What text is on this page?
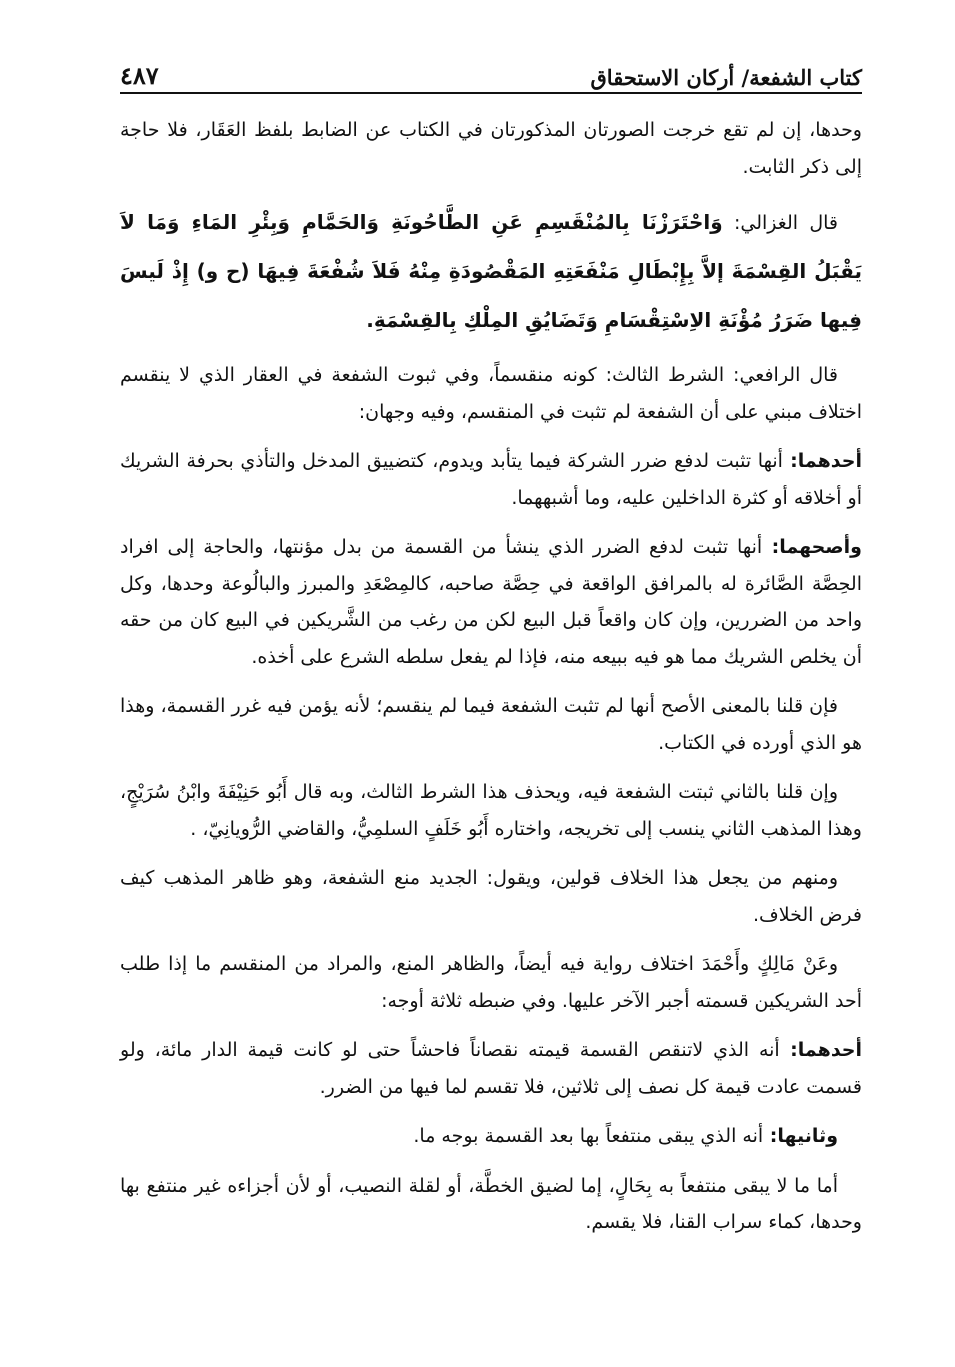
كتاب الشفعة/ أركان الاستحقاق
٤٨٧

وحدها، إن لم تقع خرجت الصورتان المذكورتان في الكتاب عن الضابط بلفظ العَقَار، فلا حاجة إلى ذكر الثابت.

قال الغزالي: وَاحْتَرَزْنَا بِالمُنْقَسِمِ عَنِ الطَّاحُونَةِ وَالحَمَّامِ وَبِئْرِ المَاءِ وَمَا لاَ يَقْبَلُ القِسْمَةَ إلاَّ بِإِبْطَالِ مَنْفَعَتِهِ المَقْصُودَةِ مِنْهُ فَلاَ شُفْعَةَ فِيهَا (ح و) إِذْ لَيسَ فِيها ضَرَرُ مُؤْنَةِ الاِسْتِقْسَامِ وَتَضَايُقِ المِلْكِ بِالقِسْمَةِ.

قال الرافعي: الشرط الثالث: كونه منقسماً، وفي ثبوت الشفعة في العقار الذي لا ينقسم اختلاف مبني على أن الشفعة لم تثبت في المنقسم، وفيه وجهان:

أحدهما: أنها تثبت لدفع ضرر الشركة فيما يتأبد ويدوم، كتضييق المدخل والتأذي بحرفة الشريك أو أخلاقه أو كثرة الداخلين عليه، وما أشبههما.

وأصحهما: أنها تثبت لدفع الضرر الذي ينشأ من القسمة من بدل مؤنتها، والحاجة إلى افراد الحِصَّة الصَّائرة له بالمرافق الواقعة في حِصَّة صاحبه، كالمِصْعَدِ والمبرز والبالُوعة وحدها، وكل واحد من الضررين، وإن كان واقعاً قبل البيع لكن من رغب من الشَّريكين في البيع كان من حقه أن يخلص الشريك مما هو فيه ببيعه منه، فإذا لم يفعل سلطه الشرع على أخذه.

فإن قلنا بالمعنى الأصح أنها لم تثبت الشفعة فيما لم ينقسم؛ لأنه يؤمن فيه غرر القسمة، وهذا هو الذي أورده في الكتاب.

وإن قلنا بالثاني ثبتت الشفعة فيه، ويحذف هذا الشرط الثالث، وبه قال أَبُو حَنِيْفَةَ وابْنُ سُرَيْجٍ، وهذا المذهب الثاني ينسب إلى تخريجه، واختاره أَبُو خَلَفٍ السلمِيُّ، والقاضي الرُّويانِيّ، .

ومنهم من يجعل هذا الخلاف قولين، ويقول: الجديد منع الشفعة، وهو ظاهر المذهب كيف فرض الخلاف.

وعَنْ مَالِكٍ وأَحْمَدَ اختلاف رواية فيه أيضاً، والظاهر المنع، والمراد من المنقسم ما إذا طلب أحد الشريكين قسمته أجبر الآخر عليها. وفي ضبطه ثلاثة أوجه:

أحدهما: أنه الذي لاتنقص القسمة قيمته نقصاناً فاحشاً حتى لو كانت قيمة الدار مائة، ولو قسمت عادت قيمة كل نصف إلى ثلاثين، فلا تقسم لما فيها من الضرر.

وثانيها: أنه الذي يبقى منتفعاً بها بعد القسمة بوجه ما.

أما ما لا يبقى منتفعاً به بِحَالٍ، إما لضيق الخطَّة، أو لقلة النصيب، أو لأن أجزاءه غير منتفع بها وحدها، كماء سراب القنا، فلا يقسم.
